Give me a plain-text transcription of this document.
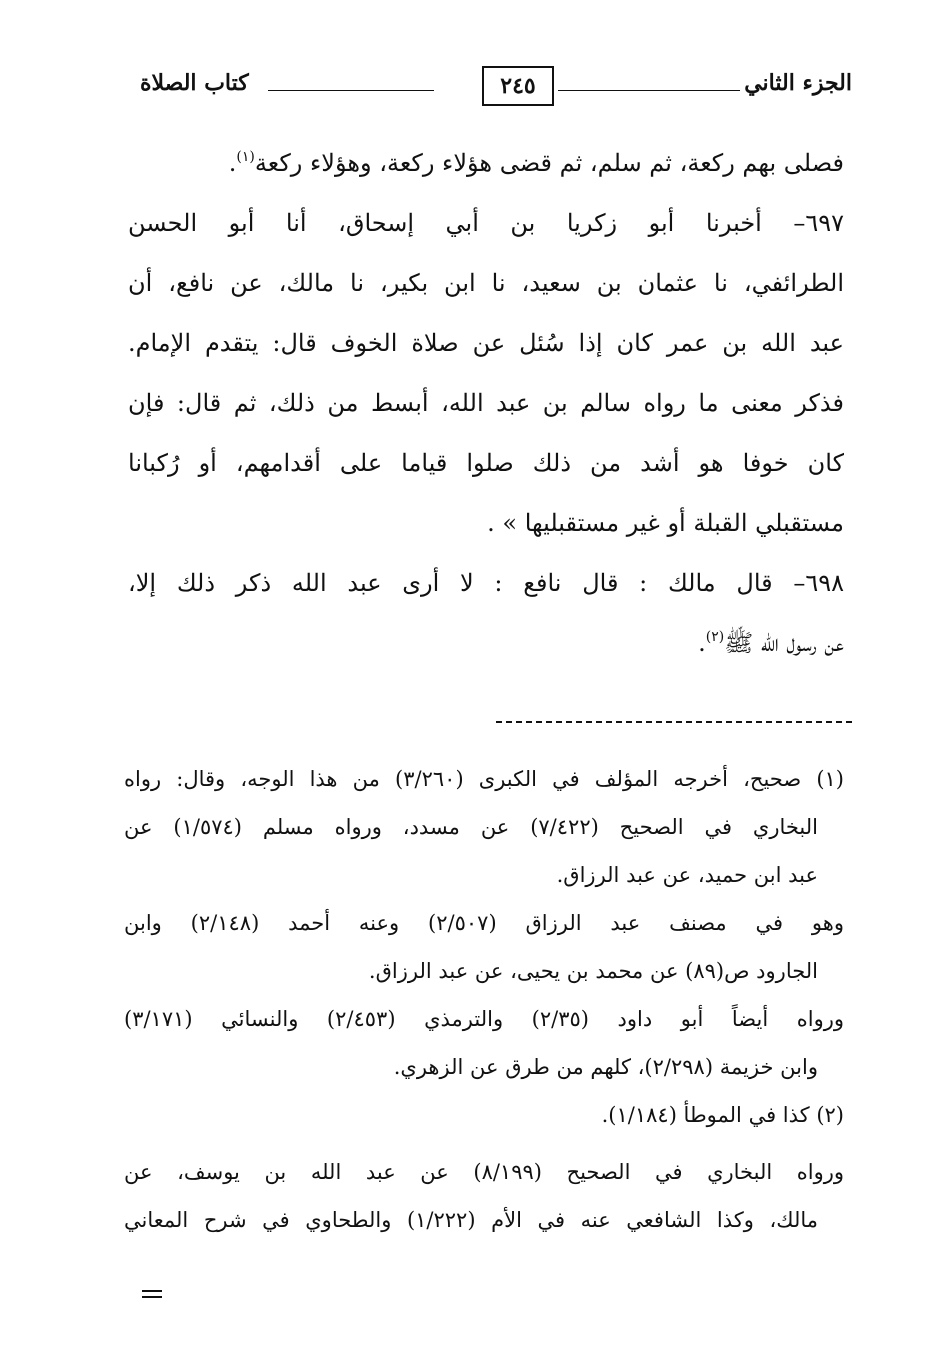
الجزء الثاني
٢٤٥
كتاب الصلاة
فصلى بهم ركعة، ثم سلم، ثم قضى هؤلاء ركعة، وهؤلاء ركعة$^{(١)}$.
٦٩٧– أخبرنا أبو زكريا بن أبي إسحاق، أنا أبو الحسن
الطرائفي، نا عثمان بن سعيد، نا ابن بكير، نا مالك، عن نافع، أن
عبد الله بن عمر كان إذا سُئل عن صلاة الخوف قال: يتقدم الإمام.
فذكر معنى ما رواه سالم بن عبد الله، أبسط من ذلك، ثم قال: فإن
كان خوفا هو أشد من ذلك صلوا قياما على أقدامهم، أو رُكبانا
مستقبلي القبلة أو غير مستقبليها » .
٦٩٨– قال مالك : قال نافع : لا أرى عبد الله ذكر ذلك إلا،
عن رسول الله ﷺ$^{(٢)}$.
(١) صحيح، أخرجه المؤلف في الكبرى (٣/٢٦٠) من هذا الوجه، وقال: رواه
البخاري في الصحيح (٧/٤٢٢) عن مسدد، ورواه مسلم (١/٥٧٤) عن
عبد ابن حميد، عن عبد الرزاق.
وهو في مصنف عبد الرزاق (٢/٥٠٧) وعنه أحمد (٢/١٤٨) وابن
الجارود ص(٨٩) عن محمد بن يحيى، عن عبد الرزاق.
ورواه أيضاً أبو داود (٢/٣٥) والترمذي (٢/٤٥٣) والنسائي (٣/١٧١)
وابن خزيمة (٢/٢٩٨)، كلهم من طرق عن الزهري.
(٢) كذا في الموطأ (١/١٨٤).
ورواه البخاري في الصحيح (٨/١٩٩) عن عبد الله بن يوسف، عن
مالك، وكذا الشافعي عنه في الأم (١/٢٢٢) والطحاوي في شرح المعاني
